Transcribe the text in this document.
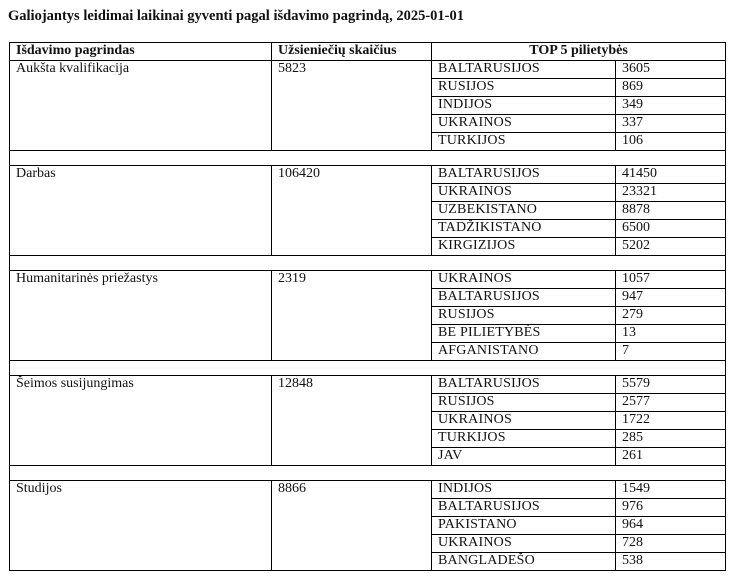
Galiojantys leidimai laikinai gyventi pagal išdavimo pagrindą, 2025-01-01
Išdavimo pagrindas	Užsieniečių skaičius	TOP 5 pilietybės	
Aukšta kvalifikacija	5823	BALTARUSIJOS	3605
		RUSIJOS	869
		INDIJOS	349
		UKRAINOS	337
		TURKIJOS	106

Darbas	106420	BALTARUSIJOS	41450
		UKRAINOS	23321
		UZBEKISTANO	8878
		TADŽIKISTANO	6500
		KIRGIZIJOS	5202

Humanitarinės priežastys	2319	UKRAINOS	1057
		BALTARUSIJOS	947
		RUSIJOS	279
		BE PILIETYBĖS	13
		AFGANISTANO	7

Šeimos susijungimas	12848	BALTARUSIJOS	5579
		RUSIJOS	2577
		UKRAINOS	1722
		TURKIJOS	285
		JAV	261

Studijos	8866	INDIJOS	1549
		BALTARUSIJOS	976
		PAKISTANO	964
		UKRAINOS	728
		BANGLADEŠO	538
